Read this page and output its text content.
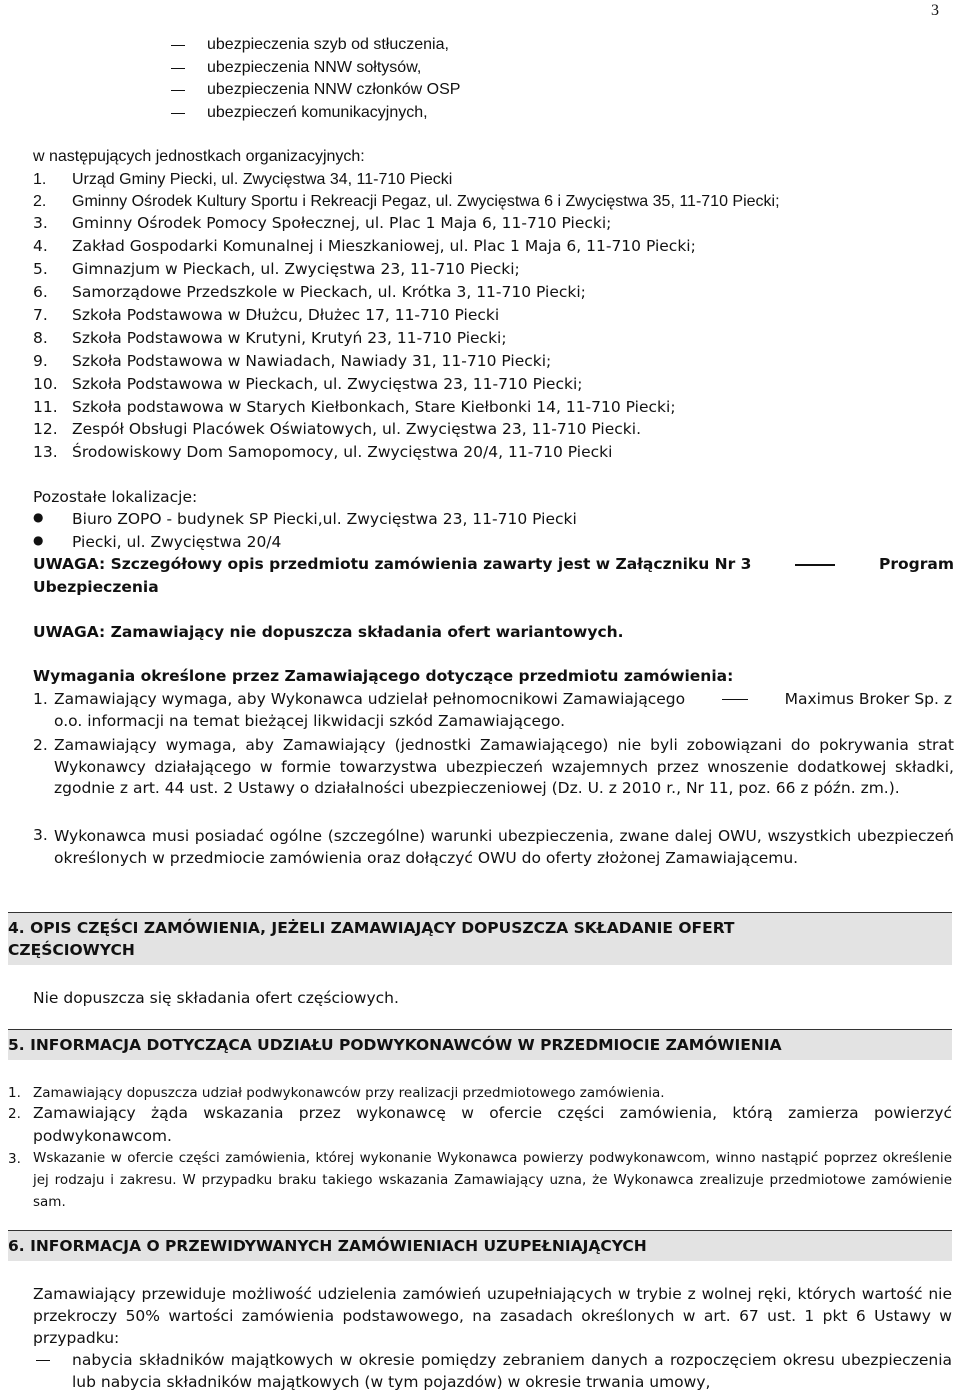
3
ubezpieczenia szyb od stłuczenia,
ubezpieczenia NNW sołtysów,
ubezpieczenia NNW członków OSP
ubezpieczeń komunikacyjnych,
w następujących jednostkach organizacyjnych:
1.	Urząd Gminy Piecki, ul. Zwycięstwa 34, 11-710 Piecki
2.	Gminny Ośrodek Kultury Sportu i Rekreacji Pegaz, ul. Zwycięstwa 6 i Zwycięstwa 35, 11-710 Piecki;
3.	Gminny Ośrodek Pomocy Społecznej, ul. Plac 1 Maja 6, 11-710 Piecki;
4.	Zakład Gospodarki Komunalnej i Mieszkaniowej, ul. Plac 1 Maja 6, 11-710 Piecki;
5.	Gimnazjum w Pieckach, ul. Zwycięstwa 23, 11-710 Piecki;
6.	Samorządowe Przedszkole w Pieckach, ul. Krótka 3, 11-710 Piecki;
7.	Szkoła Podstawowa w Dłużcu, Dłużec 17, 11-710 Piecki
8.	Szkoła Podstawowa w Krutyni, Krutyń 23, 11-710 Piecki;
9.	Szkoła Podstawowa w Nawiadach, Nawiady 31, 11-710 Piecki;
10. Szkoła Podstawowa w Pieckach, ul. Zwycięstwa 23, 11-710 Piecki;
11. Szkoła podstawowa w Starych Kiełbonkach, Stare Kiełbonki 14, 11-710 Piecki;
12. Zespół Obsługi Placówek Oświatowych, ul. Zwycięstwa 23, 11-710 Piecki.
13. Środowiskowy Dom Samopomocy, ul. Zwycięstwa 20/4, 11-710 Piecki
Pozostałe lokalizacje:
● Biuro ZOPO - budynek SP Piecki,ul. Zwycięstwa 23, 11-710 Piecki
● Piecki, ul. Zwycięstwa 20/4
UWAGA: Szczegółowy opis przedmiotu zamówienia zawarty jest w Załączniku Nr 3	Program
Ubezpieczenia
UWAGA: Zamawiający nie dopuszcza składania ofert wariantowych.
Wymagania określone przez Zamawiającego dotyczące przedmiotu zamówienia:
1. Zamawiający wymaga, aby Wykonawca udzielał pełnomocnikowi Zamawiającego	Maximus Broker Sp. z
o.o. informacji na temat bieżącej likwidacji szkód Zamawiającego.
2. Zamawiający wymaga, aby Zamawiający (jednostki Zamawiającego) nie byli zobowiązani do pokrywania strat Wykonawcy działającego w formie towarzystwa ubezpieczeń wzajemnych przez wnoszenie dodatkowej składki, zgodnie z art. 44 ust. 2 Ustawy o działalności ubezpieczeniowej (Dz. U. z 2010 r., Nr 11, poz. 66 z późn. zm.).
3. Wykonawca musi posiadać ogólne (szczególne) warunki ubezpieczenia, zwane dalej OWU, wszystkich ubezpieczeń określonych w przedmiocie zamówienia oraz dołączyć OWU do oferty złożonej Zamawiającemu.
4. OPIS CZĘŚCI ZAMÓWIENIA, JEŻELI ZAMAWIAJĄCY DOPUSZCZA SKŁADANIE OFERT
CZĘŚCIOWYCH
Nie dopuszcza się składania ofert częściowych.
5. INFORMACJA DOTYCZĄCA UDZIAŁU PODWYKONAWCÓW W PRZEDMIOCIE ZAMÓWIENIA
1. Zamawiający dopuszcza udział podwykonawców przy realizacji przedmiotowego zamówienia.
2. Zamawiający żąda wskazania przez wykonawcę w ofercie części zamówienia, którą zamierza powierzyć podwykonawcom.
3. Wskazanie w ofercie części zamówienia, której wykonanie Wykonawca powierzy podwykonawcom, winno nastąpić poprzez określenie jej rodzaju i zakresu. W przypadku braku takiego wskazania Zamawiający uzna, że Wykonawca zrealizuje przedmiotowe zamówienie sam.
6. INFORMACJA O PRZEWIDYWANYCH ZAMÓWIENIACH UZUPEŁNIAJĄCYCH
Zamawiający przewiduje możliwość udzielenia zamówień uzupełniających w trybie z wolnej ręki, których wartość nie przekroczy 50% wartości zamówienia podstawowego, na zasadach określonych w art. 67 ust. 1 pkt 6 Ustawy w przypadku:
nabycia składników majątkowych w okresie pomiędzy zebraniem danych a rozpoczęciem okresu ubezpieczenia lub nabycia składników majątkowych (w tym pojazdów) w okresie trwania umowy,
